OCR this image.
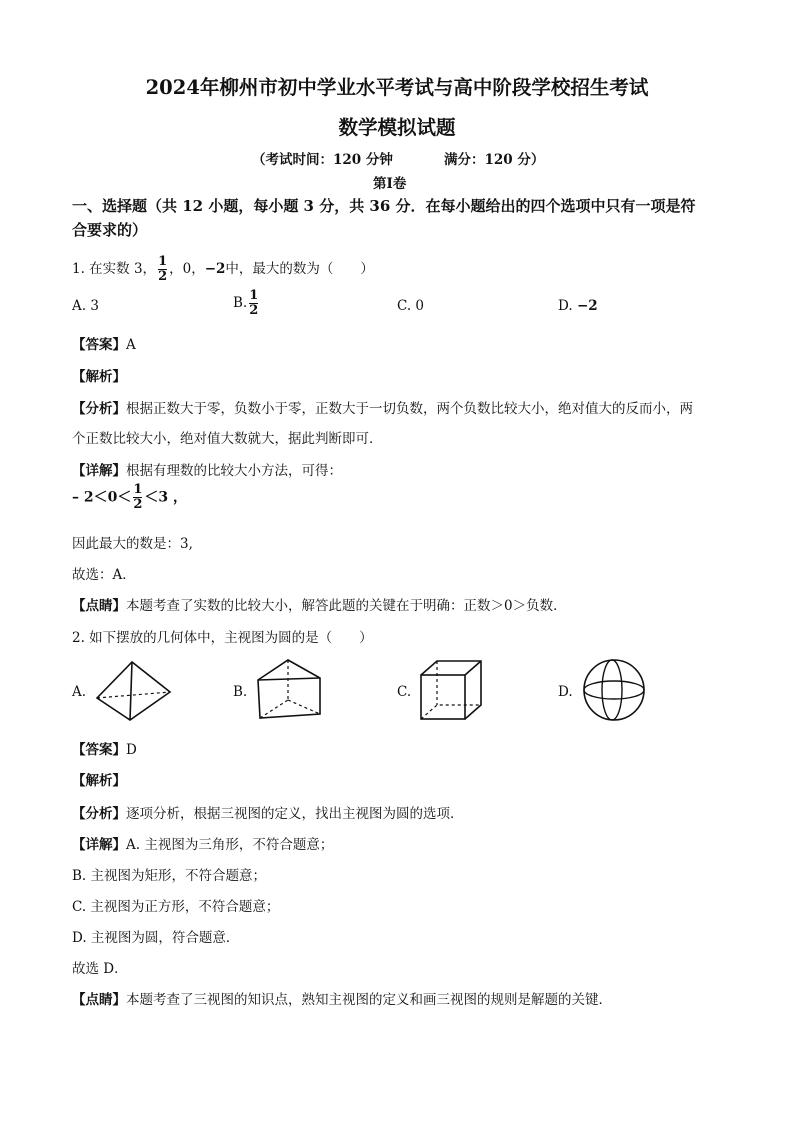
2024年柳州市初中学业水平考试与高中阶段学校招生考试
数学模拟试题
（考试时间：120 分钟	满分：120 分）
第Ⅰ卷
一、选择题（共 12 小题，每小题 3 分，共 36 分．在每小题给出的四个选项中只有一项是符
合要求的）
1. 在实数 3， $\frac{1}{2}$ ，0，−2中，最大的数为（　　）
A. 3	B. $\frac{1}{2}$	C. 0	D. −2
【答案】A
【解析】
【分析】根据正数大于零，负数小于零，正数大于一切负数，两个负数比较大小，绝对值大的反而小，两
个正数比较大小，绝对值大数就大，据此判断即可．
【详解】根据有理数的比较大小方法，可得：
– $2<0< \frac{1}{2} <3$ ，
因此最大的数是：3,
故选：A．
【点睛】本题考查了实数的比较大小，解答此题的关键在于明确：正数＞0＞负数．
2. 如下摆放的几何体中，主视图为圆的是（　　）
A.	B.	C.	D.
【答案】D
【解析】
【分析】逐项分析，根据三视图的定义，找出主视图为圆的选项．
【详解】A. 主视图为三角形，不符合题意；
B. 主视图为矩形，不符合题意；
C. 主视图为正方形，不符合题意；
D. 主视图为圆，符合题意．
故选 D．
【点睛】本题考查了三视图的知识点，熟知主视图的定义和画三视图的规则是解题的关键．
